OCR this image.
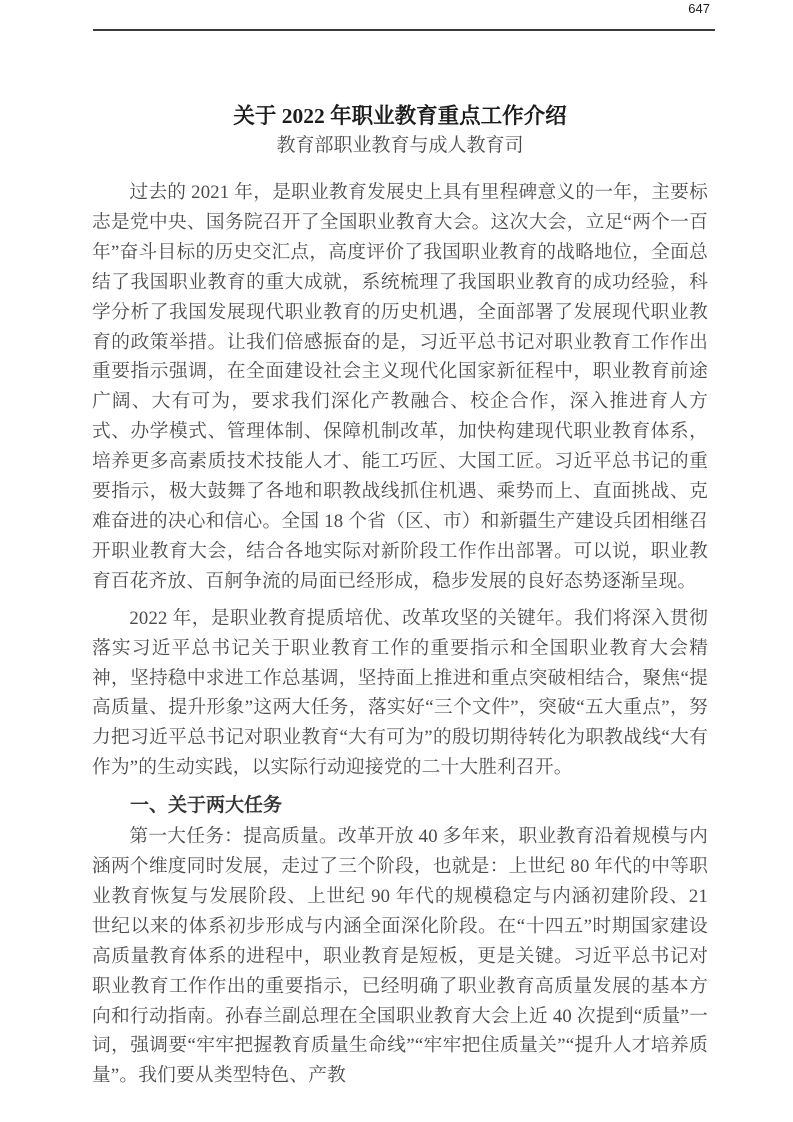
647
关于 2022 年职业教育重点工作介绍
教育部职业教育与成人教育司

过去的 2021 年，是职业教育发展史上具有里程碑意义的一年，主要标志是党中央、国务院召开了全国职业教育大会。这次大会，立足“两个一百年”奋斗目标的历史交汇点，高度评价了我国职业教育的战略地位，全面总结了我国职业教育的重大成就，系统梳理了我国职业教育的成功经验，科学分析了我国发展现代职业教育的历史机遇，全面部署了发展现代职业教育的政策举措。让我们倍感振奋的是，习近平总书记对职业教育工作作出重要指示强调，在全面建设社会主义现代化国家新征程中，职业教育前途广阔、大有可为，要求我们深化产教融合、校企合作，深入推进育人方式、办学模式、管理体制、保障机制改革，加快构建现代职业教育体系，培养更多高素质技术技能人才、能工巧匠、大国工匠。习近平总书记的重要指示，极大鼓舞了各地和职教战线抓住机遇、乘势而上、直面挑战、克难奋进的决心和信心。全国 18 个省（区、市）和新疆生产建设兵团相继召开职业教育大会，结合各地实际对新阶段工作作出部署。可以说，职业教育百花齐放、百舸争流的局面已经形成，稳步发展的良好态势逐渐呈现。

2022 年，是职业教育提质培优、改革攻坚的关键年。我们将深入贯彻落实习近平总书记关于职业教育工作的重要指示和全国职业教育大会精神，坚持稳中求进工作总基调，坚持面上推进和重点突破相结合，聚焦“提高质量、提升形象”这两大任务，落实好“三个文件”，突破“五大重点”，努力把习近平总书记对职业教育“大有可为”的殷切期待转化为职教战线“大有作为”的生动实践，以实际行动迎接党的二十大胜利召开。

一、关于两大任务

第一大任务：提高质量。改革开放 40 多年来，职业教育沿着规模与内涵两个维度同时发展，走过了三个阶段，也就是：上世纪 80 年代的中等职业教育恢复与发展阶段、上世纪 90 年代的规模稳定与内涵初建阶段、21 世纪以来的体系初步形成与内涵全面深化阶段。在“十四五”时期国家建设高质量教育体系的进程中，职业教育是短板，更是关键。习近平总书记对职业教育工作作出的重要指示，已经明确了职业教育高质量发展的基本方向和行动指南。孙春兰副总理在全国职业教育大会上近 40 次提到“质量”一词，强调要“牢牢把握教育质量生命线”“牢牢把住质量关”“提升人才培养质量”。我们要从类型特色、产教
